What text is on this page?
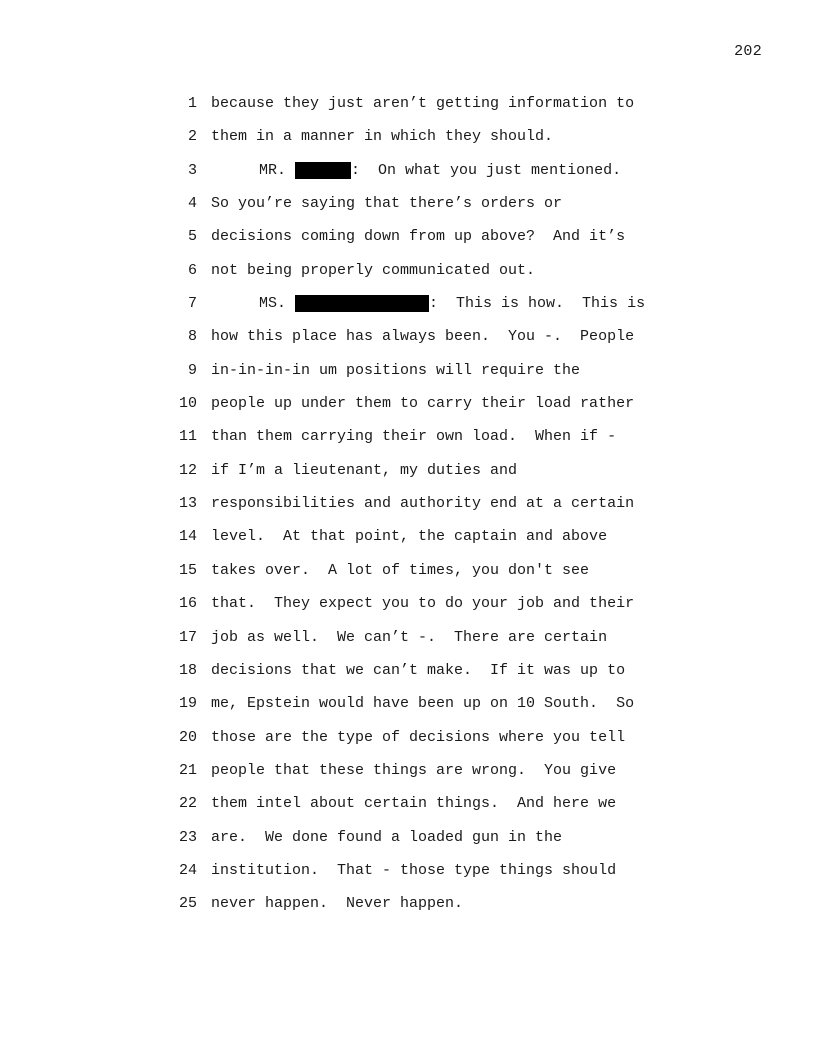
202
1 because they just aren’t getting information to
2 them in a manner in which they should.
3	MR.
	:  On what you just mentioned.
4 So you’re saying that there’s orders or
5 decisions coming down from up above?  And it’s
6 not being properly communicated out.
7	MS.
	:  This is how.  This is
8 how this place has always been.  You -.  People
9 in-in-in-in um positions will require the
10 people up under them to carry their load rather
11 than them carrying their own load.  When if -
12 if I’m a lieutenant, my duties and
13 responsibilities and authority end at a certain
14 level.  At that point, the captain and above
15 takes over.  A lot of times, you don't see
16 that.  They expect you to do your job and their
17 job as well.  We can’t -.  There are certain
18 decisions that we can’t make.  If it was up to
19 me, Epstein would have been up on 10 South.  So
20 those are the type of decisions where you tell
21 people that these things are wrong.  You give
22 them intel about certain things.  And here we
23 are.  We done found a loaded gun in the
24 institution.  That - those type things should
25 never happen.  Never happen.
